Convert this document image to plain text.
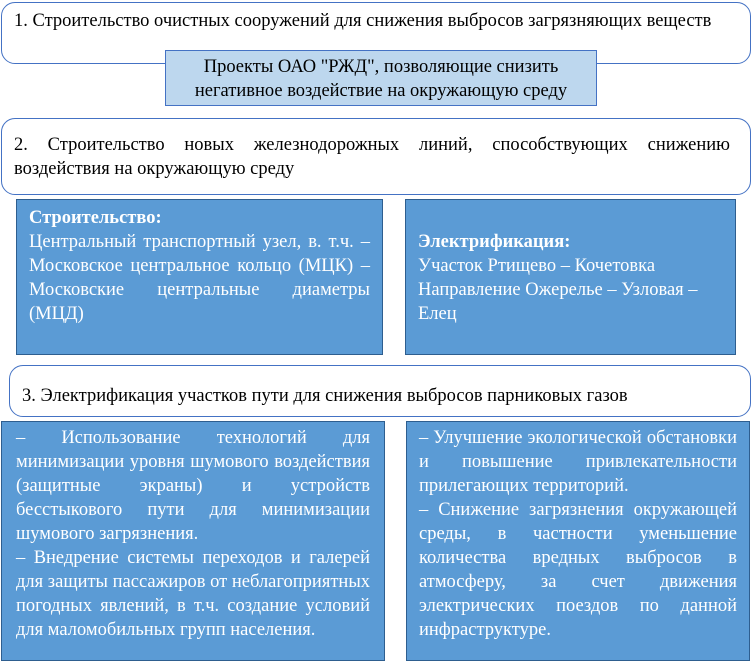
1. Строительство очистных сооружений для снижения выбросов загрязняющих веществ
Проекты ОАО "РЖД", позволяющие снизить
негативное воздействие на окружающую среду
2. Строительство новых железнодорожных линий, способствующих снижению воздействия на окружающую среду
Строительство:
Центральный транспортный узел, в. т.ч. – Московское центральное кольцо (МЦК) – Московские центральные диаметры (МЦД)
Электрификация:
Участок Ртищево – Кочетовка
Направление Ожерелье – Узловая – Елец
3. Электрификация участков пути для снижения выбросов парниковых газов
– Использование технологий для минимизации уровня шумового воздействия (защитные экраны) и устройств бесстыкового пути для минимизации шумового загрязнения.
– Внедрение системы переходов и галерей для защиты пассажиров от неблагоприятных погодных явлений, в т.ч. создание условий для маломобильных групп населения.
– Улучшение экологической обстановки и повышение привлекательности прилегающих территорий.
– Снижение загрязнения окружающей среды, в частности уменьшение количества вредных выбросов в атмосферу, за счет движения электрических поездов по данной инфраструктуре.
